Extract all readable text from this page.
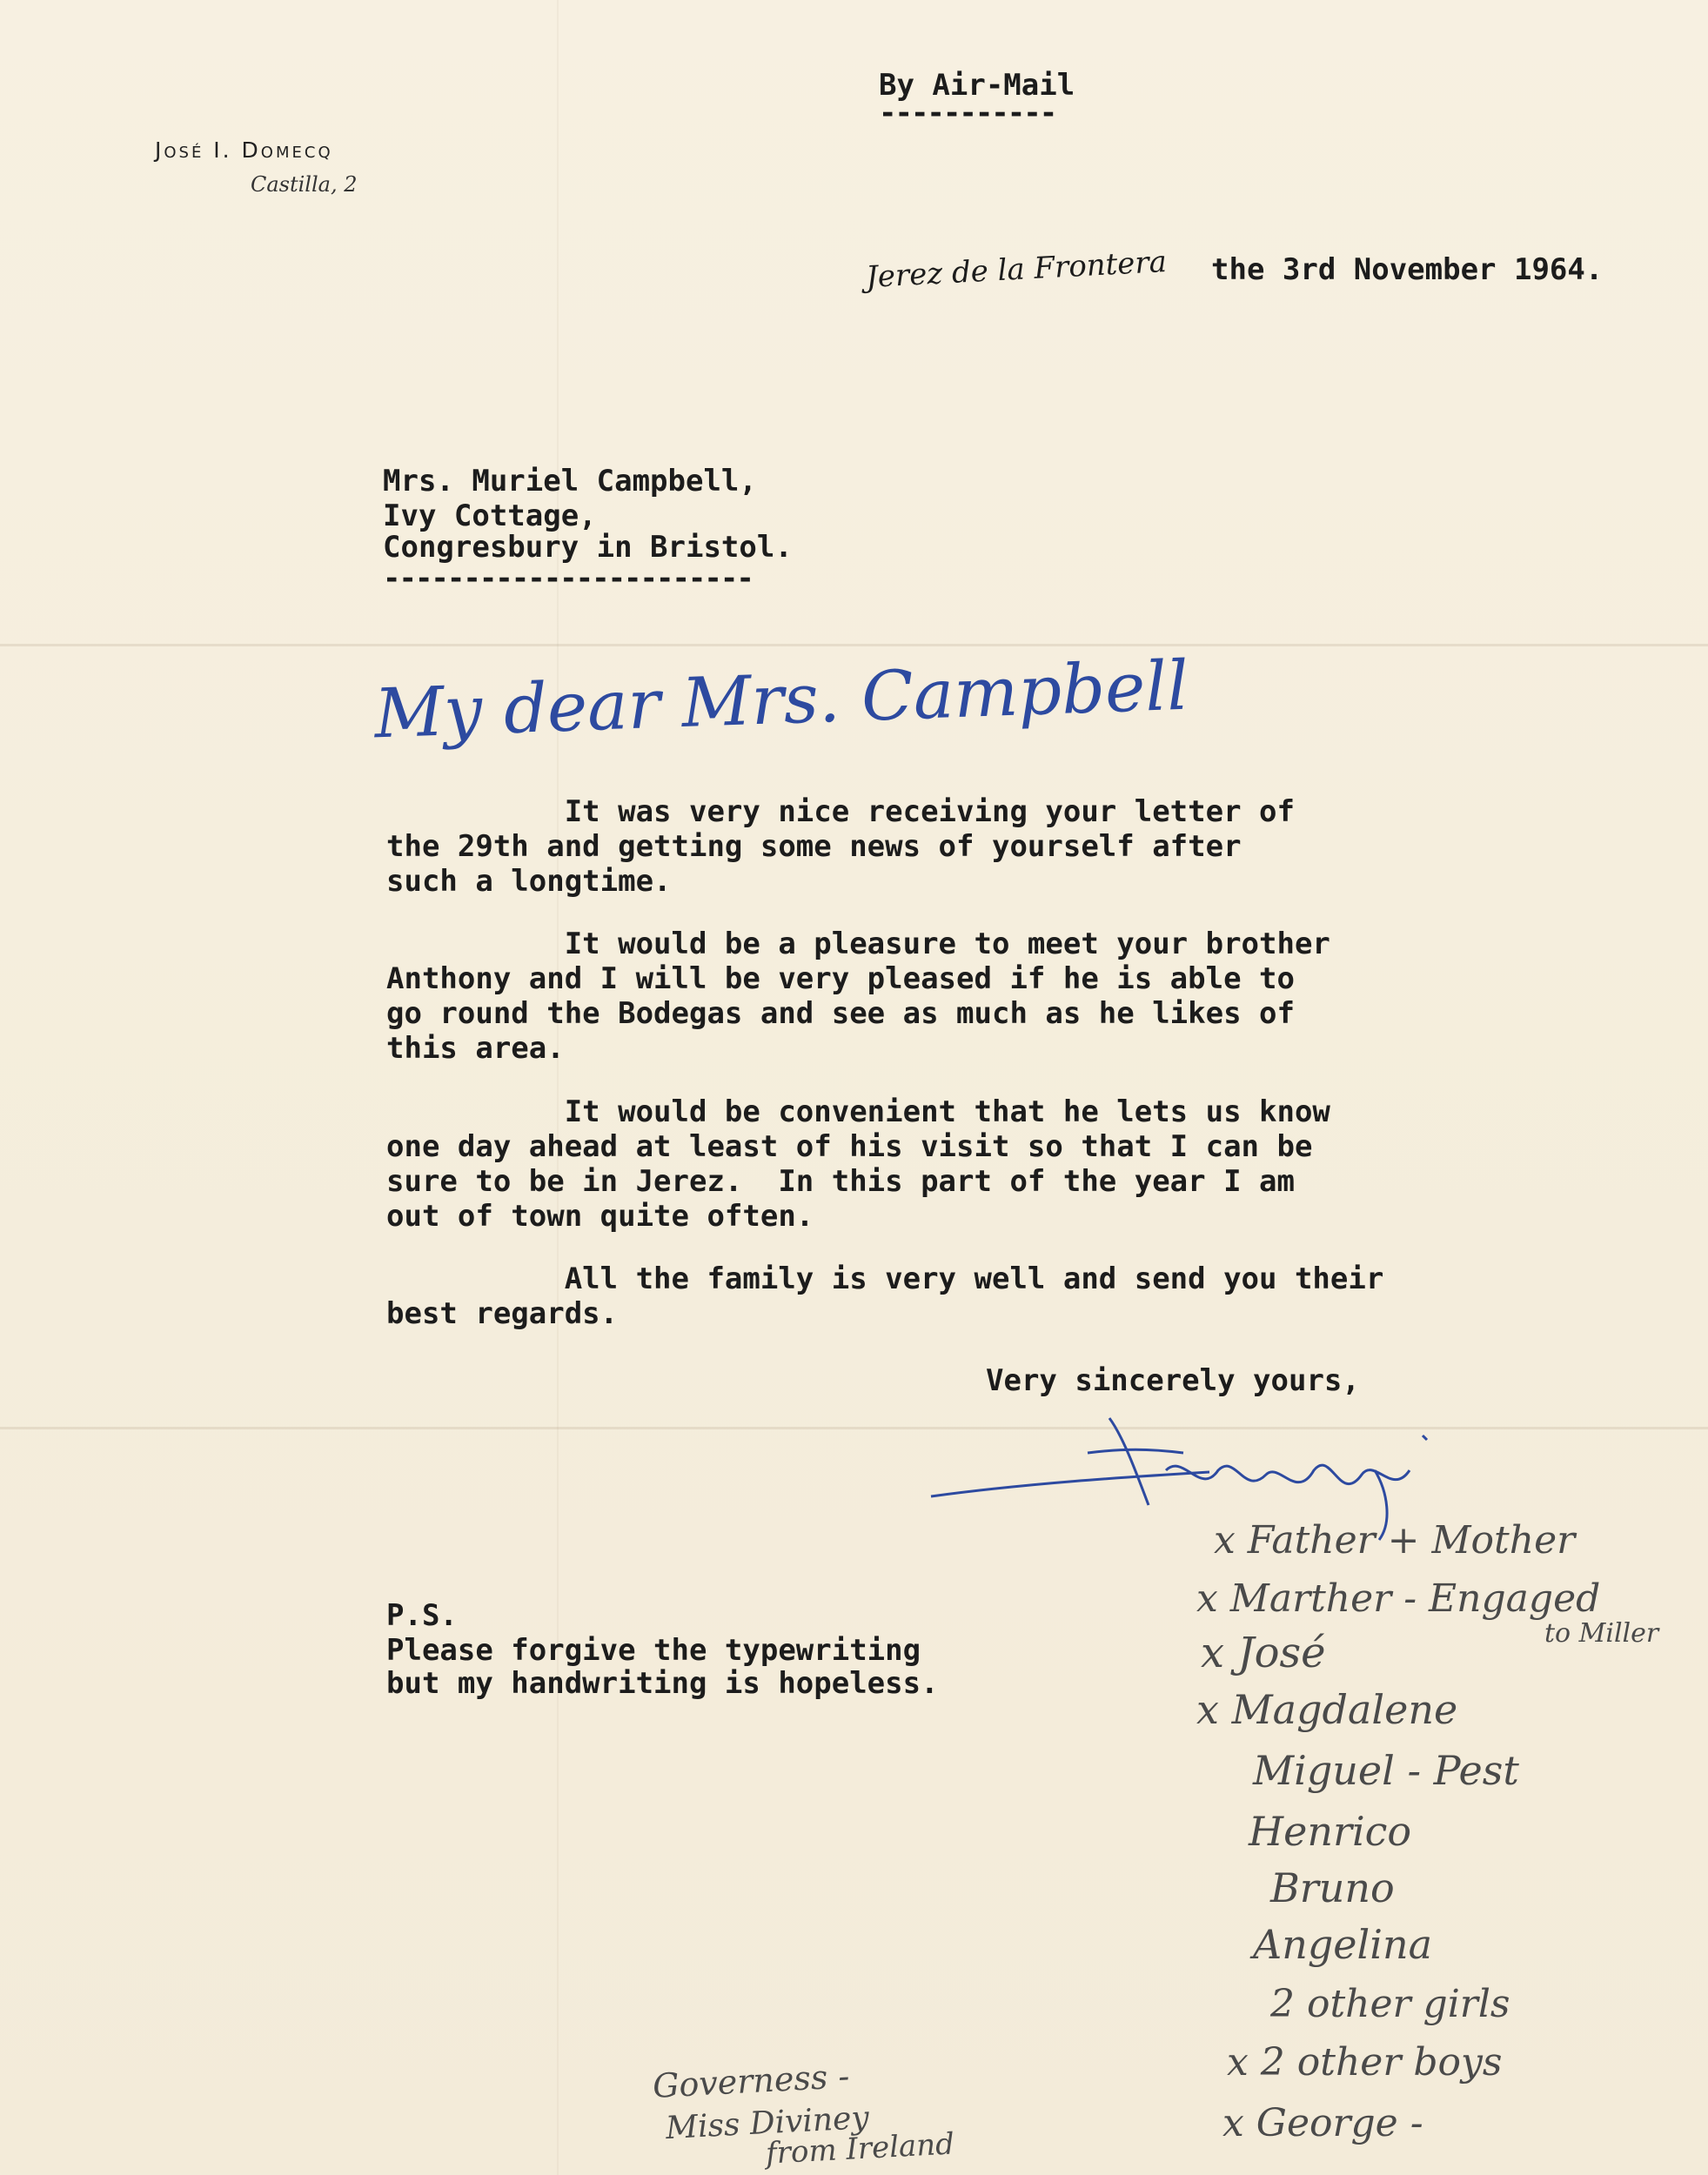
By Air-Mail
-----------
José I. Domecq
Castilla, 2
Jerez de la Frontera the 3rd November 1964.
Mrs. Muriel Campbell,
Ivy Cottage,
Congresbury in Bristol.
-----------------------
My dear Mrs. Campbell
It was very nice receiving your letter of
the 29th and getting some news of yourself after
such a longtime.
It would be a pleasure to meet your brother
Anthony and I will be very pleased if he is able to
go round the Bodegas and see as much as he likes of
this area.
It would be convenient that he lets us know
one day ahead at least of his visit so that I can be
sure to be in Jerez.  In this part of the year I am
out of town quite often.
All the family is very well and send you their
best regards.
Very sincerely yours,
P.S.
Please forgive the typewriting
but my handwriting is hopeless.
x Father + Mother
x Marther - Engaged
to Miller
x José
x Magdalene
Miguel - Pest
Henrico
Bruno
Angelina
2 other girls
x 2 other boys
x George -
Governess -
Miss Diviney
from Ireland
